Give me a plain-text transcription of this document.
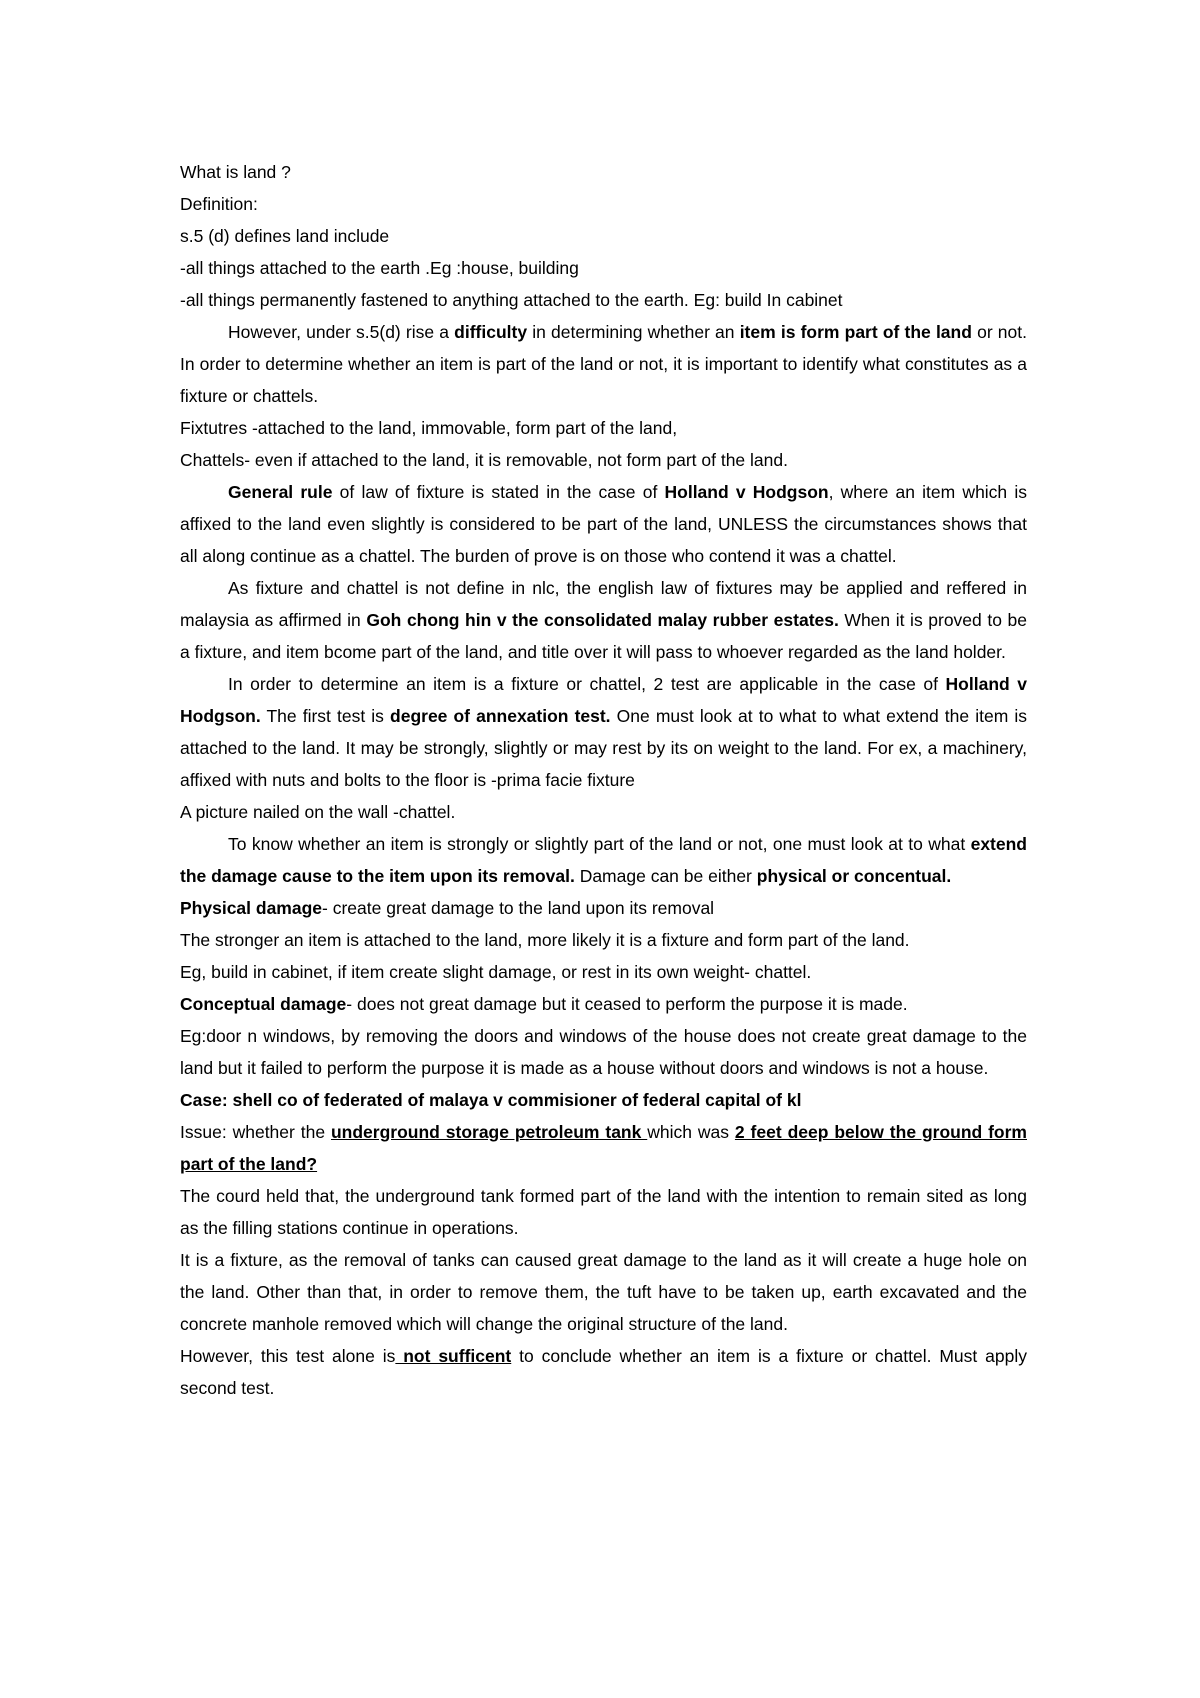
What is land ?
Definition:
s.5 (d) defines land include
-all things attached to the earth .Eg :house, building
-all things permanently fastened to anything attached to the earth. Eg: build In cabinet

However, under s.5(d) rise a difficulty in determining whether an item is form part of the land or not. In order to determine whether an item is part of the land or not, it is important to identify what constitutes as a fixture or chattels.

Fixtutres -attached to the land, immovable, form part of the land,
Chattels- even if attached to the land, it is removable, not form part of the land.

General rule of law of fixture is stated in the case of Holland v Hodgson, where an item which is affixed to the land even slightly is considered to be part of the land, UNLESS the circumstances shows that all along continue as a chattel. The burden of prove is on those who contend it was a chattel.

As fixture and chattel is not define in nlc, the english law of fixtures may be applied and reffered in malaysia as affirmed in Goh chong hin v the consolidated malay rubber estates. When it is proved to be a fixture, and item bcome part of the land, and title over it will pass to whoever regarded as the land holder.

In order to determine an item is a fixture or chattel, 2 test are applicable in the case of Holland v Hodgson. The first test is degree of annexation test. One must look at to what to what extend the item is attached to the land. It may be strongly, slightly or may rest by its on weight to the land. For ex, a machinery, affixed with nuts and bolts to the floor is -prima facie fixture

A picture nailed on the wall -chattel.

To know whether an item is strongly or slightly part of the land or not, one must look at to what extend the damage cause to the item upon its removal. Damage can be either physical or concentual.

Physical damage- create great damage to the land upon its removal
The stronger an item is attached to the land, more likely it is a fixture and form part of the land.
Eg, build in cabinet, if item create slight damage, or rest in its own weight- chattel.
Conceptual damage- does not great damage but it ceased to perform the purpose it is made.

Eg:door n windows, by removing the doors and windows of the house does not create great damage to the land but it failed to perform the purpose it is made as a house without doors and windows is not a house.

Case: shell co of federated of malaya v commisioner of federal capital of kl

Issue: whether the underground storage petroleum tank which was 2 feet deep below the ground form part of the land?

The courd held that, the underground tank formed part of the land with the intention to remain sited as long as the filling stations continue in operations.

It is a fixture, as the removal of tanks can caused great damage to the land as it will create a huge hole on the land. Other than that, in order to remove them, the tuft have to be taken up, earth excavated and the concrete manhole removed which will change the original structure of the land.

However, this test alone is not sufficent to conclude whether an item is a fixture or chattel. Must apply second test.
